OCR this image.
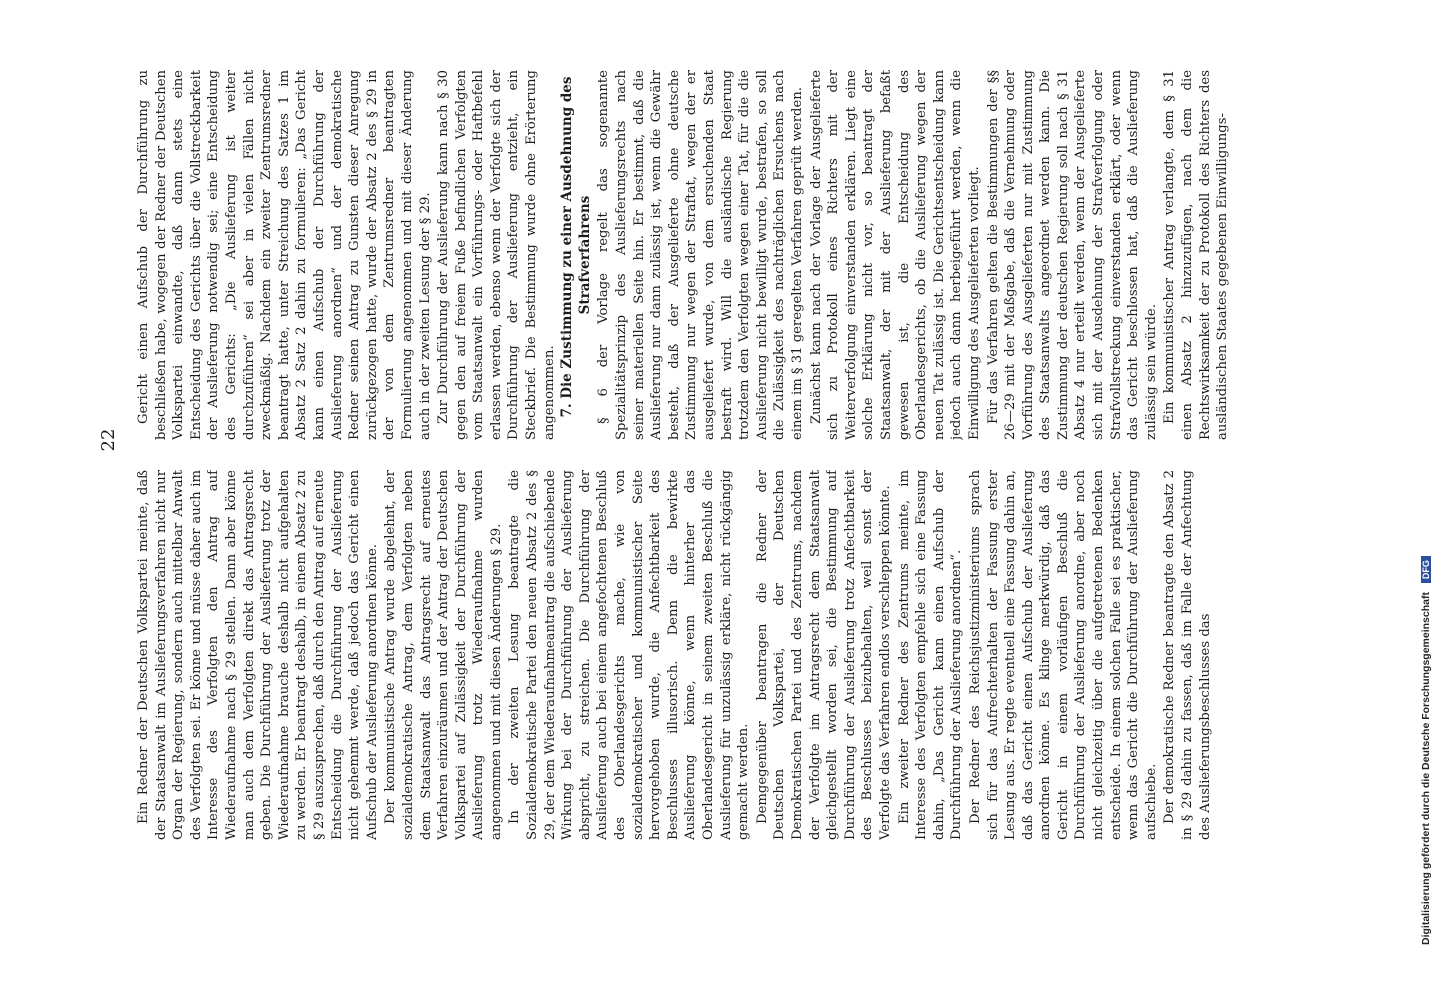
22

Ein Redner der Deutschen Volkspartei meinte, daß der Staatsanwalt im Auslieferungsverfahren nicht nur Organ der Regierung, sondern auch mittelbar Anwalt des Verfolgten sei. Er könne und müsse daher auch im Interesse des Verfolgten den Antrag auf Wiederaufnahme nach § 29 stellen. Dann aber könne man auch dem Verfolgten direkt das Antragsrecht geben. Die Durchführung der Auslieferung trotz der Wiederaufnahme brauche deshalb nicht aufgehalten zu werden. Er beantragt deshalb, in einem Absatz 2 zu § 29 auszusprechen, daß durch den Antrag auf erneute Entscheidung die Durchführung der Auslieferung nicht gehemmt werde, daß jedoch das Gericht einen Aufschub der Auslieferung anordnen könne. Der kommunistische Antrag wurde abgelehnt, der sozialdemokratische Antrag, dem Verfolgten neben dem Staatsanwalt das Antragsrecht auf erneutes Verfahren einzuräumen und der Antrag der Deutschen Volkspartei auf Zulässigkeit der Durchführung der Auslieferung trotz Wiederaufnahme wurden angenommen und mit diesen Änderungen § 29. In der zweiten Lesung beantragte die Sozialdemokratische Partei den neuen Absatz 2 des § 29, der dem Wiederaufnahmeantrag die aufschiebende Wirkung bei der Durchführung der Auslieferung abspricht, zu streichen. Die Durchführung der Auslieferung auch bei einem angefochtenen Beschluß des Oberlandesgerichts mache, wie von sozialdemokratischer und kommunistischer Seite hervorgehoben wurde, die Anfechtbarkeit des Beschlusses illusorisch. Denn die bewirkte Auslieferung könne, wenn hinterher das Oberlandesgericht in seinem zweiten Beschluß die Auslieferung für unzulässig erkläre, nicht rückgängig gemacht werden. Demgegenüber beantragen die Redner der Deutschen Volkspartei, der Deutschen Demokratischen Partei und des Zentrums, nachdem der Verfolgte im Antragsrecht dem Staatsanwalt gleichgestellt worden sei, die Bestimmung auf Durchführung der Auslieferung trotz Anfechtbarkeit des Beschlusses beizubehalten, weil sonst der Verfolgte das Verfahren endlos verschleppen könnte. Ein zweiter Redner des Zentrums meinte, im Interesse des Verfolgten empfehle sich eine Fassung dahin, „Das Gericht kann einen Aufschub der Durchführung der Auslieferung anordnen“. Der Redner des Reichsjustizministeriums sprach sich für das Aufrechterhalten der Fassung erster Lesung aus. Er regte eventuell eine Fassung dahin an, daß das Gericht einen Aufschub der Auslieferung anordnen könne. Es klinge merkwürdig, daß das Gericht in einem vorläufigen Beschluß die Durchführung der Auslieferung anordne, aber noch nicht gleichzeitig über die aufgetretenen Bedenken entscheide. In einem solchen Falle sei es praktischer, wenn das Gericht die Durchführung der Auslieferung aufschiebe. Der demokratische Redner beantragte den Absatz 2 in § 29 dahin zu fassen, daß im Falle der Anfechtung des Auslieferungsbeschlusses das

Gericht einen Aufschub der Durchführung zu beschließen habe, wogegen der Redner der Deutschen Volkspartei einwandte, daß dann stets eine Entscheidung des Gerichts über die Vollstreckbarkeit der Auslieferung notwendig sei; eine Entscheidung des Gerichts: „Die Auslieferung ist weiter durchzuführen“ sei aber in vielen Fällen nicht zweckmäßig. Nachdem ein zweiter Zentrumsredner beantragt hatte, unter Streichung des Satzes 1 im Absatz 2 Satz 2 dahin zu formulieren: „Das Gericht kann einen Aufschub der Durchführung der Auslieferung anordnen“ und der demokratische Redner seinen Antrag zu Gunsten dieser Anregung zurückgezogen hatte, wurde der Absatz 2 des § 29 in der von dem Zentrumsredner beantragten Formulierung angenommen und mit dieser Änderung auch in der zweiten Lesung der § 29. Zur Durchführung der Auslieferung kann nach § 30 gegen den auf freiem Fuße befindlichen Verfolgten vom Staatsanwalt ein Vorführungs- oder Haftbefehl erlassen werden, ebenso wenn der Verfolgte sich der Durchführung der Auslieferung entzieht, ein Steckbrief. Die Bestimmung wurde ohne Erörterung angenommen. 7. Die Zustimmung zu einer Ausdehnung des Strafverfahrens § 6 der Vorlage regelt das sogenannte Spezialitätsprinzip des Auslieferungsrechts nach seiner materiellen Seite hin. Er bestimmt, daß die Auslieferung nur dann zulässig ist, wenn die Gewähr besteht, daß der Ausgelieferte ohne deutsche Zustimmung nur wegen der Straftat, wegen der er ausgeliefert wurde, von dem ersuchenden Staat bestraft wird. Will die ausländische Regierung trotzdem den Verfolgten wegen einer Tat, für die die Auslieferung nicht bewilligt wurde, bestrafen, so soll die Zulässigkeit des nachträglichen Ersuchens nach einem im § 31 geregelten Verfahren geprüft werden. Zunächst kann nach der Vorlage der Ausgelieferte sich zu Protokoll eines Richters mit der Weiterverfolgung einverstanden erklären. Liegt eine solche Erklärung nicht vor, so beantragt der Staatsanwalt, der mit der Auslieferung befaßt gewesen ist, die Entscheidung des Oberlandesgerichts, ob die Auslieferung wegen der neuen Tat zulässig ist. Die Gerichtsentscheidung kann jedoch auch dann herbeigeführt werden, wenn die Einwilligung des Ausgelieferten vorliegt. Für das Verfahren gelten die Bestimmungen der §§ 26—29 mit der Maßgabe, daß die Vernehmung oder Vorführung des Ausgelieferten nur mit Zustimmung des Staatsanwalts angeordnet werden kann. Die Zustimmung der deutschen Regierung soll nach § 31 Absatz 4 nur erteilt werden, wenn der Ausgelieferte sich mit der Ausdehnung der Strafverfolgung oder Strafvollstreckung einverstanden erklärt, oder wenn das Gericht beschlossen hat, daß die Auslieferung zulässig sein würde. Ein kommunistischer Antrag verlangte, dem § 31 einen Absatz 2 hinzuzufügen, nach dem die Rechtswirksamkeit der zu Protokoll des Richters des ausländischen Staates gegebenen Einwilligungs-

Digitalisierung gefördert durch die Deutsche Forschungsgemeinschaft DFG
